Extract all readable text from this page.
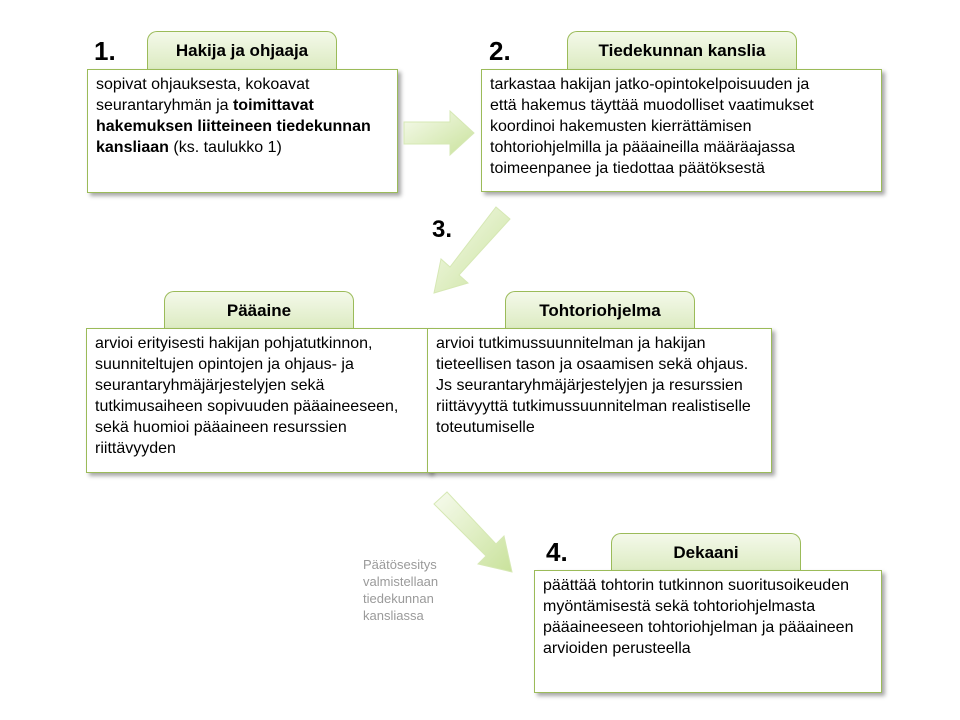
1.	Hakija ja ohjaaja
sopivat ohjauksesta, kokoavat seurantaryhmän ja toimittavat hakemuksen liitteineen tiedekunnan kansliaan (ks. taulukko 1)
2.	Tiedekunnan kanslia
tarkastaa hakijan jatko-opintokelpoisuuden ja
että hakemus täyttää muodolliset vaatimukset
koordinoi hakemusten kierrättämisen
tohtoriohjelmilla ja pääaineilla määräajassa
toimeenpanee ja tiedottaa päätöksestä
3.
Pääaine
arvioi erityisesti hakijan pohjatutkinnon, suunniteltujen opintojen ja ohjaus- ja seurantaryhmäjärjestelyjen sekä tutkimusaiheen sopivuuden pääaineeseen, sekä huomioi pääaineen resurssien riittävyyden
Tohtoriohjelma
arvioi tutkimussuunnitelman ja hakijan tieteellisen tason ja osaamisen sekä ohjaus. Js seurantaryhmäjärjestelyjen ja resurssien riittävyyttä tutkimussuunnitelman realistiselle toteutumiselle
Päätösesitys
valmistellaan
tiedekunnan
kansliassa
4.	Dekaani
päättää tohtorin tutkinnon suoritusoikeuden myöntämisestä sekä tohtoriohjelmasta pääaineeseen tohtoriohjelman ja pääaineen arvioiden perusteella
